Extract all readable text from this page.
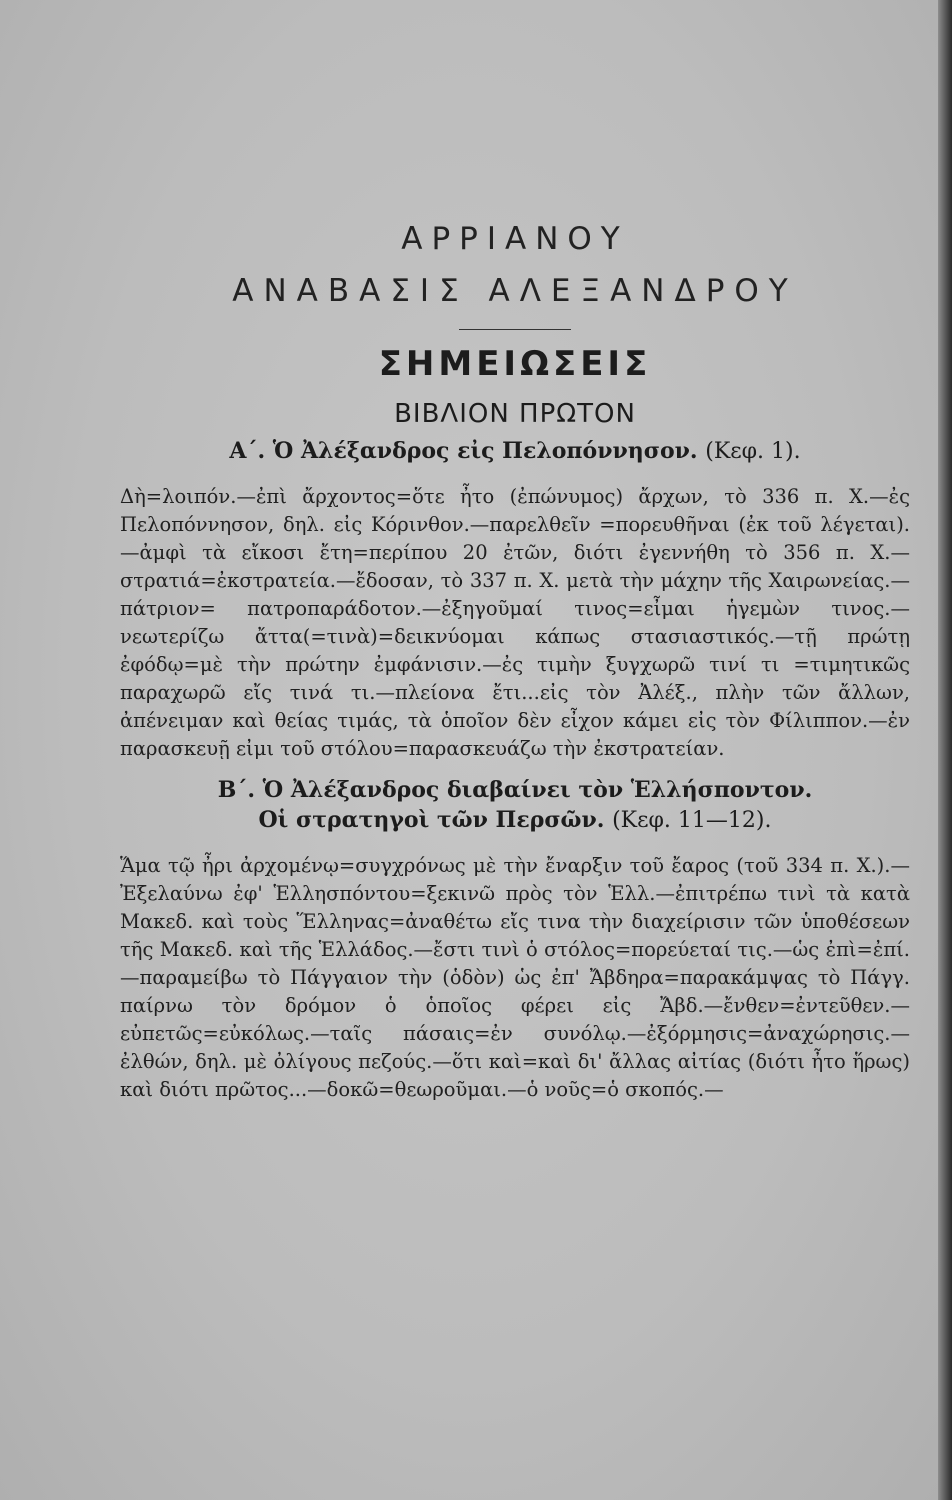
ΑΡΡΙΑΝΟΥ
ΑΝΑΒΑΣΙΣ ΑΛΕΞΑΝΔΡΟΥ
ΣΗΜΕΙΩΣΕΙΣ
ΒΙΒΛΙΟΝ ΠΡΩΤΟΝ
Α΄. Ὁ Ἀλέξανδρος εἰς Πελοπόννησον. (Κεφ. 1).

Δὴ=λοιπόν.—ἐπὶ ἄρχοντος=ὅτε ἦτο (ἐπώνυμος) ἄρχων, τὸ 336 π. Χ.—ἐς Πελοπόννησον, δηλ. εἰς Κόρινθον.—παρελθεῖν =πορευθῆναι (ἐκ τοῦ λέγεται).—ἀμφὶ τὰ εἴκοσι ἔτη=περίπου 20 ἐτῶν, διότι ἐγεννήθη τὸ 356 π. Χ.—στρατιά=ἐκστρατεία.—ἔδοσαν, τὸ 337 π. Χ. μετὰ τὴν μάχην τῆς Χαιρωνείας.—πάτριον= πατροπαράδοτον.—ἐξηγοῦμαί τινος=εἶμαι ἡγεμὼν τινος.—νεωτερίζω ἄττα(=τινὰ)=δεικνύομαι κάπως στασιαστικός.—τῇ πρώτῃ ἐφόδῳ=μὲ τὴν πρώτην ἐμφάνισιν.—ἐς τιμὴν ξυγχωρῶ τινί τι =τιμητικῶς παραχωρῶ εἴς τινά τι.—πλείονα ἔτι...εἰς τὸν Ἀλέξ., πλὴν τῶν ἄλλων, ἀπένειμαν καὶ θείας τιμάς, τὰ ὁποῖον δὲν εἶχον κάμει εἰς τὸν Φίλιππον.—ἐν παρασκευῇ εἰμι τοῦ στόλου=παρασκευάζω τὴν ἐκστρατείαν.

Β΄. Ὁ Ἀλέξανδρος διαβαίνει τὸν Ἑλλήσποντον.
Οἱ στρατηγοὶ τῶν Περσῶν. (Κεφ. 11—12).

Ἅμα τῷ ἦρι ἀρχομένῳ=συγχρόνως μὲ τὴν ἔναρξιν τοῦ ἔαρος (τοῦ 334 π. Χ.).—Ἐξελαύνω ἐφ' Ἑλλησπόντου=ξεκινῶ πρὸς τὸν Ἑλλ.—ἐπιτρέπω τινὶ τὰ κατὰ Μακεδ. καὶ τοὺς Ἕλληνας=ἀναθέτω εἴς τινα τὴν διαχείρισιν τῶν ὑποθέσεων τῆς Μακεδ. καὶ τῆς Ἑλλάδος.—ἔστι τινὶ ὁ στόλος=πορεύεταί τις.—ὡς ἐπὶ=ἐπί.—παραμείβω τὸ Πάγγαιον τὴν (ὁδὸν) ὡς ἐπ' Ἄβδηρα=παρακάμψας τὸ Πάγγ. παίρνω τὸν δρόμον ὁ ὁποῖος φέρει εἰς Ἄβδ.—ἔνθεν=ἐντεῦθεν.—εὐπετῶς=εὐκόλως.—ταῖς πάσαις=ἐν συνόλῳ.—ἐξόρμησις=ἀναχώρησις.—ἐλθών, δηλ. μὲ ὀλίγους πεζούς.—ὅτι καὶ=καὶ δι' ἄλλας αἰτίας (διότι ἦτο ἥρως) καὶ διότι πρῶτος...—δοκῶ=θεωροῦμαι.—ὁ νοῦς=ὁ σκοπός.—
